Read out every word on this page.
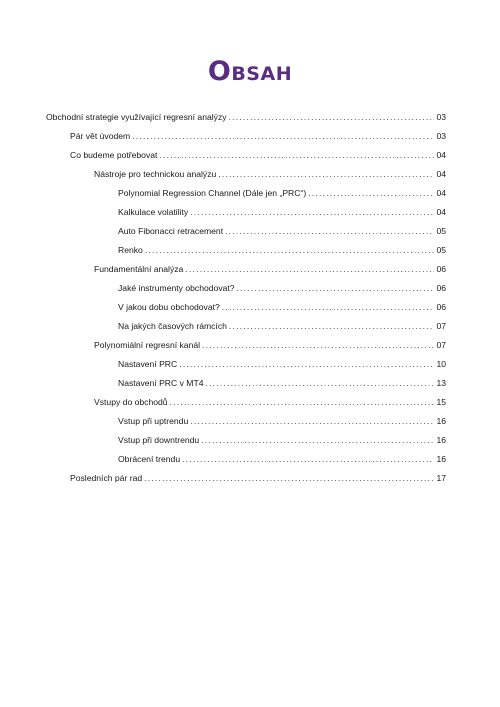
Obsah
Obchodní strategie využívající regresní analýzy .....	03
Pár vět úvodem .....	03
Co budeme potřebovat .....	04
Nástroje pro technickou analýzu .....	04
Polynomial Regression Channel (Dále jen „PRC“) .....	04
Kalkulace volatility .....	04
Auto Fibonacci retracement .....	05
Renko .....	05
Fundamentální analýza .....	06
Jaké instrumenty obchodovat? .....	06
V jakou dobu obchodovat? .....	06
Na jakých časových rámcích .....	07
Polynomiální regresní kanál .....	07
Nastavení PRC .....	10
Nastavení PRC v MT4 .....	13
Vstupy do obchodů .....	15
Vstup při uptrendu .....	16
Vstup při downtrendu .....	16
Obrácení trendu .....	16
Posledních pár rad .....	17
